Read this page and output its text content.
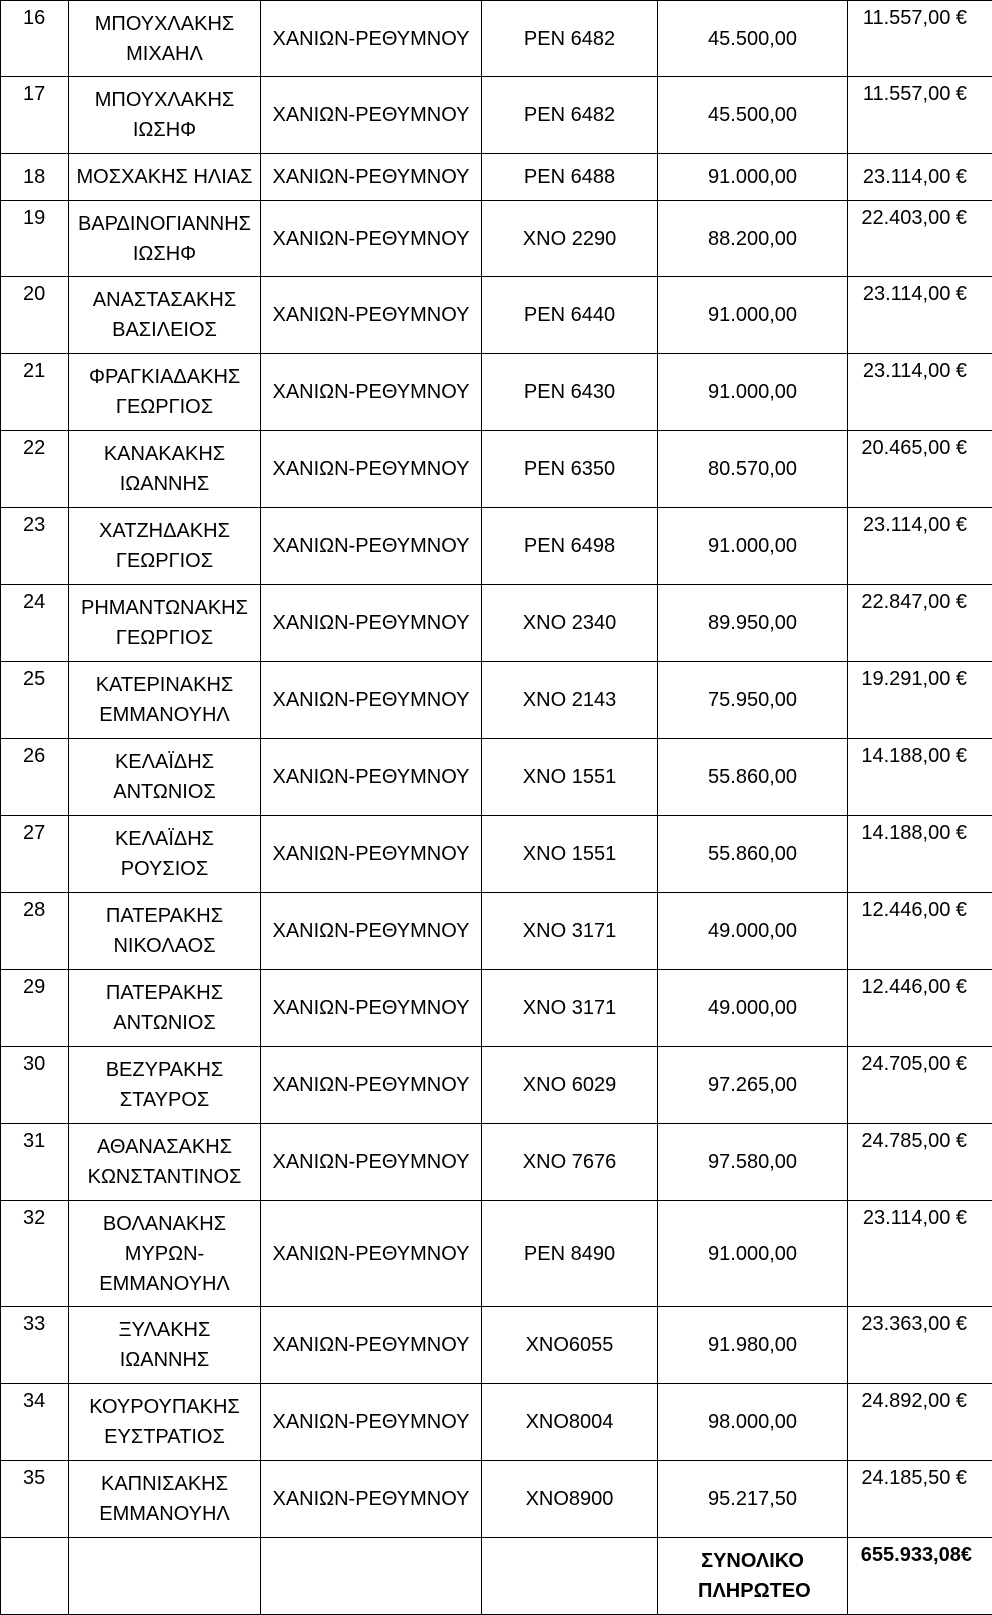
16	ΜΠΟΥΧΛΑΚΗΣ ΜΙΧΑΗΛ	ΧΑΝΙΩΝ-ΡΕΘΥΜΝΟΥ	ΡΕΝ 6482	45.500,00	11.557,00 €
17	ΜΠΟΥΧΛΑΚΗΣ ΙΩΣΗΦ	ΧΑΝΙΩΝ-ΡΕΘΥΜΝΟΥ	ΡΕΝ 6482	45.500,00	11.557,00 €
18	ΜΟΣΧΑΚΗΣ ΗΛΙΑΣ	ΧΑΝΙΩΝ-ΡΕΘΥΜΝΟΥ	ΡΕΝ 6488	91.000,00	23.114,00 €
19	ΒΑΡΔΙΝΟΓΙΑΝΝΗΣ ΙΩΣΗΦ	ΧΑΝΙΩΝ-ΡΕΘΥΜΝΟΥ	ΧΝΟ 2290	88.200,00	22.403,00 €
20	ΑΝΑΣΤΑΣΑΚΗΣ ΒΑΣΙΛΕΙΟΣ	ΧΑΝΙΩΝ-ΡΕΘΥΜΝΟΥ	ΡΕΝ 6440	91.000,00	23.114,00 €
21	ΦΡΑΓΚΙΑΔΑΚΗΣ ΓΕΩΡΓΙΟΣ	ΧΑΝΙΩΝ-ΡΕΘΥΜΝΟΥ	ΡΕΝ 6430	91.000,00	23.114,00 €
22	ΚΑΝΑΚΑΚΗΣ ΙΩΑΝΝΗΣ	ΧΑΝΙΩΝ-ΡΕΘΥΜΝΟΥ	ΡΕΝ 6350	80.570,00	20.465,00 €
23	ΧΑΤΖΗΔΑΚΗΣ ΓΕΩΡΓΙΟΣ	ΧΑΝΙΩΝ-ΡΕΘΥΜΝΟΥ	ΡΕΝ 6498	91.000,00	23.114,00 €
24	ΡΗΜΑΝΤΩΝΑΚΗΣ ΓΕΩΡΓΙΟΣ	ΧΑΝΙΩΝ-ΡΕΘΥΜΝΟΥ	ΧΝΟ 2340	89.950,00	22.847,00 €
25	ΚΑΤΕΡΙΝΑΚΗΣ ΕΜΜΑΝΟΥΗΛ	ΧΑΝΙΩΝ-ΡΕΘΥΜΝΟΥ	ΧΝΟ 2143	75.950,00	19.291,00 €
26	ΚΕΛΑΪΔΗΣ ΑΝΤΩΝΙΟΣ	ΧΑΝΙΩΝ-ΡΕΘΥΜΝΟΥ	ΧΝΟ 1551	55.860,00	14.188,00 €
27	ΚΕΛΑΪΔΗΣ ΡΟΥΣΙΟΣ	ΧΑΝΙΩΝ-ΡΕΘΥΜΝΟΥ	ΧΝΟ 1551	55.860,00	14.188,00 €
28	ΠΑΤΕΡΑΚΗΣ ΝΙΚΟΛΑΟΣ	ΧΑΝΙΩΝ-ΡΕΘΥΜΝΟΥ	ΧΝΟ 3171	49.000,00	12.446,00 €
29	ΠΑΤΕΡΑΚΗΣ ΑΝΤΩΝΙΟΣ	ΧΑΝΙΩΝ-ΡΕΘΥΜΝΟΥ	ΧΝΟ 3171	49.000,00	12.446,00 €
30	ΒΕΖΥΡΑΚΗΣ ΣΤΑΥΡΟΣ	ΧΑΝΙΩΝ-ΡΕΘΥΜΝΟΥ	ΧΝΟ 6029	97.265,00	24.705,00 €
31	ΑΘΑΝΑΣΑΚΗΣ ΚΩΝΣΤΑΝΤΙΝΟΣ	ΧΑΝΙΩΝ-ΡΕΘΥΜΝΟΥ	ΧΝΟ 7676	97.580,00	24.785,00 €
32	ΒΟΛΑΝΑΚΗΣ ΜΥΡΩΝ-ΕΜΜΑΝΟΥΗΛ	ΧΑΝΙΩΝ-ΡΕΘΥΜΝΟΥ	ΡΕΝ 8490	91.000,00	23.114,00 €
33	ΞΥΛΑΚΗΣ ΙΩΑΝΝΗΣ	ΧΑΝΙΩΝ-ΡΕΘΥΜΝΟΥ	ΧΝΟ6055	91.980,00	23.363,00 €
34	ΚΟΥΡΟΥΠΑΚΗΣ ΕΥΣΤΡΑΤΙΟΣ	ΧΑΝΙΩΝ-ΡΕΘΥΜΝΟΥ	ΧΝΟ8004	98.000,00	24.892,00 €
35	ΚΑΠΝΙΣΑΚΗΣ ΕΜΜΑΝΟΥΗΛ	ΧΑΝΙΩΝ-ΡΕΘΥΜΝΟΥ	ΧΝΟ8900	95.217,50	24.185,50 €
				ΣΥΝΟΛΙΚΟ ΠΛΗΡΩΤΕΟ	655.933,08€
